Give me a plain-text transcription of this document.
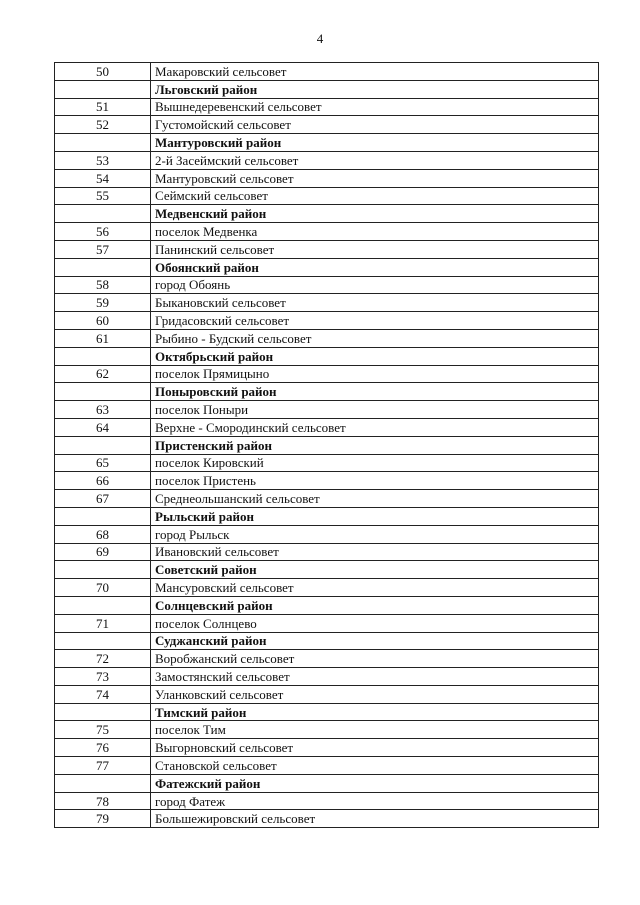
4
50	Макаровский сельсовет
	Льговский район
51	Вышнедеревенский сельсовет
52	Густомойский сельсовет
	Мантуровский район
53	2-й Засеймский сельсовет
54	Мантуровский сельсовет
55	Сеймский сельсовет
	Медвенский район
56	поселок Медвенка
57	Панинский сельсовет
	Обоянский район
58	город Обоянь
59	Быкановский сельсовет
60	Гридасовский сельсовет
61	Рыбино - Будский сельсовет
	Октябрьский район
62	поселок Прямицыно
	Поныровский район
63	поселок Поныри
64	Верхне - Смородинский сельсовет
	Пристенский район
65	поселок Кировский
66	поселок Пристень
67	Среднеольшанский сельсовет
	Рыльский район
68	город Рыльск
69	Ивановский сельсовет
	Советский район
70	Мансуровский сельсовет
	Солнцевский район
71	поселок Солнцево
	Суджанский район
72	Воробжанский сельсовет
73	Замостянский сельсовет
74	Уланковский сельсовет
	Тимский район
75	поселок Тим
76	Выгорновский сельсовет
77	Становской сельсовет
	Фатежский район
78	город Фатеж
79	Большежировский сельсовет
